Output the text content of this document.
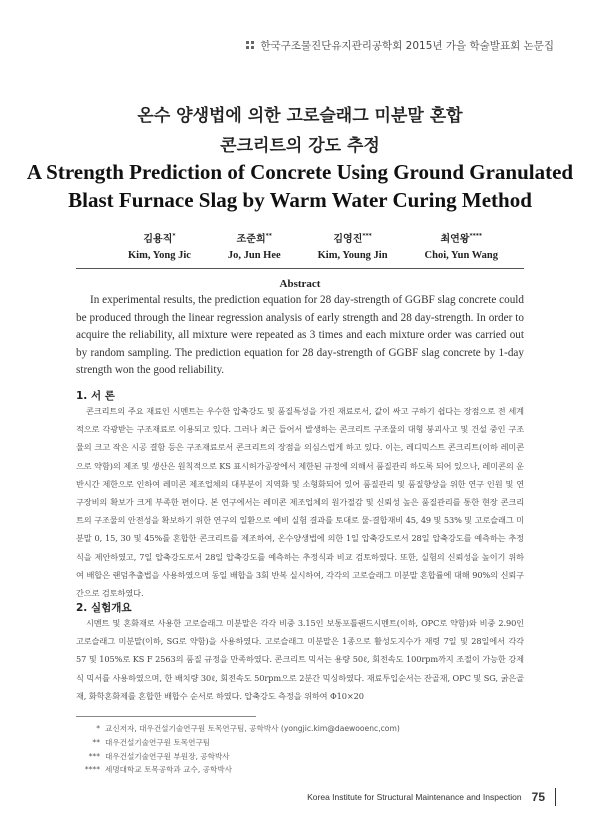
한국구조물진단유지관리공학회 2015년 가을 학술발표회 논문집
온수 양생법에 의한 고로슬래그 미분말 혼합
콘크리트의 강도 추정
A Strength Prediction of Concrete Using Ground Granulated
Blast Furnace Slag by Warm Water Curing Method
김용직*
Kim, Yong Jic
조준희**
Jo, Jun Hee
김영진***
Kim, Young Jin
최연왕****
Choi, Yun Wang
Abstract
In experimental results, the prediction equation for 28 day-strength of GGBF slag concrete could be produced through the linear regression analysis of early strength and 28 day-strength. In order to acquire the reliability, all mixture were repeated as 3 times and each mixture order was carried out by random sampling. The prediction equation for 28 day-strength of GGBF slag concrete by 1-day strength won the good reliability.
1. 서 론
콘크리트의 주요 재료인 시멘트는 우수한 압축강도 및 품질특성을 가진 재료로서, 값이 싸고 구하기 쉽다는 장점으로 전 세계 적으로 각광받는 구조재료로 이용되고 있다. 그러나 최근 들어서 발생하는 콘크리트 구조물의 대형 붕괴사고 및 건설 중인 구조물의 크고 작은 시공 결함 등은 구조재료로서 콘크리트의 장점을 의심스럽게 하고 있다. 이는, 레디믹스트 콘크리트(이하 레미콘으로 약함)의 제조 및 생산은 원칙적으로 KS 표시허가공장에서 제한된 규정에 의해서 품질관리 하도록 되어 있으나, 레미콘의 운반시간 제한으로 인하여 레미콘 제조업체의 대부분이 지역화 및 소형화되어 있어 품질관리 및 품질향상을 위한 연구 인원 및 연구장비의 확보가 크게 부족한 편이다. 본 연구에서는 레미콘 제조업체의 원가절감 및 신뢰성 높은 품질관리를 통한 현장 콘크리트의 구조물의 안전성을 확보하기 위한 연구의 일환으로 예비 실험 결과를 토대로 물-결합재비 45, 49 및 53% 및 고로슬래그 미분말 0, 15, 30 및 45%를 혼합한 콘크리트를 제조하여, 온수양생법에 의한 1일 압축강도로서 28일 압축강도를 예측하는 추정식을 제안하였고, 7일 압축강도로서 28일 압축강도를 예측하는 추정식과 비교 검토하였다. 또한, 실험의 신뢰성을 높이기 위하여 배합은 랜덤추출법을 사용하였으며 동일 배합을 3회 반복 실시하여, 각각의 고로슬래그 미분말 혼합률에 대해 90%의 신뢰구간으로 검토하였다.
2. 실험개요
시멘트 및 혼화재로 사용한 고로슬래그 미분말은 각각 비중 3.15인 보통포틀랜드시멘트(이하, OPC로 약함)와 비중 2.90인 고로슬래그 미분말(이하, SG로 약함)을 사용하였다. 고로슬래그 미분말은 1종으로 활성도지수가 재령 7일 및 28일에서 각각 57 및 105%로 KS F 2563의 품질 규정을 만족하였다. 콘크리트 믹서는 용량 50ℓ, 회전속도 100rpm까지 조절이 가능한 강제식 믹서를 사용하였으며, 한 배치량 30ℓ, 회전속도 50rpm으로 2분간 믹싱하였다. 재료투입순서는 잔골재, OPC 및 SG, 굵은골재, 화학혼화제를 혼합한 배합수 순서로 하였다. 압축강도 측정을 위하여 Φ10×20
* 교신저자, 대우건설기술연구원 토목연구팀, 공학박사 (yongjic.kim@daewooenc,com)
** 대우건설기술연구원 토목연구팀
*** 대우건설기술연구원 부원장, 공학박사
**** 세명대학교 토목공학과 교수, 공학박사
Korea Institute for Structural Maintenance and Inspection 75
